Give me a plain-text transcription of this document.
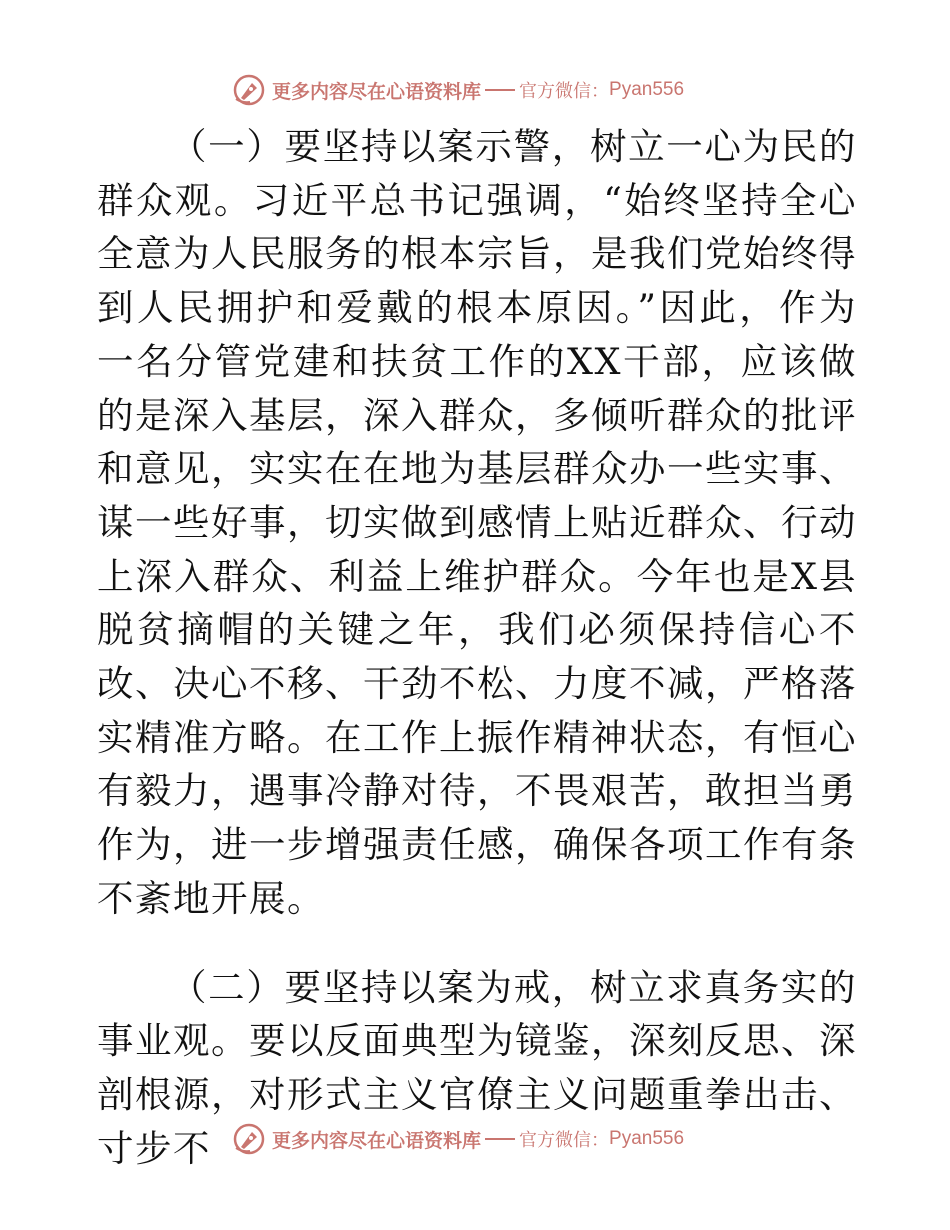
更多内容尽在心语资料库 官方微信： Pyan556

（一）要坚持以案示警，树立一心为民的群众观。习近平总书记强调，“始终坚持全心全意为人民服务的根本宗旨，是我们党始终得到人民拥护和爱戴的根本原因。”因此，作为一名分管党建和扶贫工作的XX干部，应该做的是深入基层，深入群众，多倾听群众的批评和意见，实实在在地为基层群众办一些实事、谋一些好事，切实做到感情上贴近群众、行动上深入群众、利益上维护群众。今年也是X县脱贫摘帽的关键之年，我们必须保持信心不改、决心不移、干劲不松、力度不减，严格落实精准方略。在工作上振作精神状态，有恒心有毅力，遇事冷静对待，不畏艰苦，敢担当勇作为，进一步增强责任感，确保各项工作有条不紊地开展。

（二）要坚持以案为戒，树立求真务实的事业观。要以反面典型为镜鉴，深刻反思、深剖根源，对形式主义官僚主义问题重拳出击、寸步不	更多内容尽在心语资料库 官方微信： Pyan556
